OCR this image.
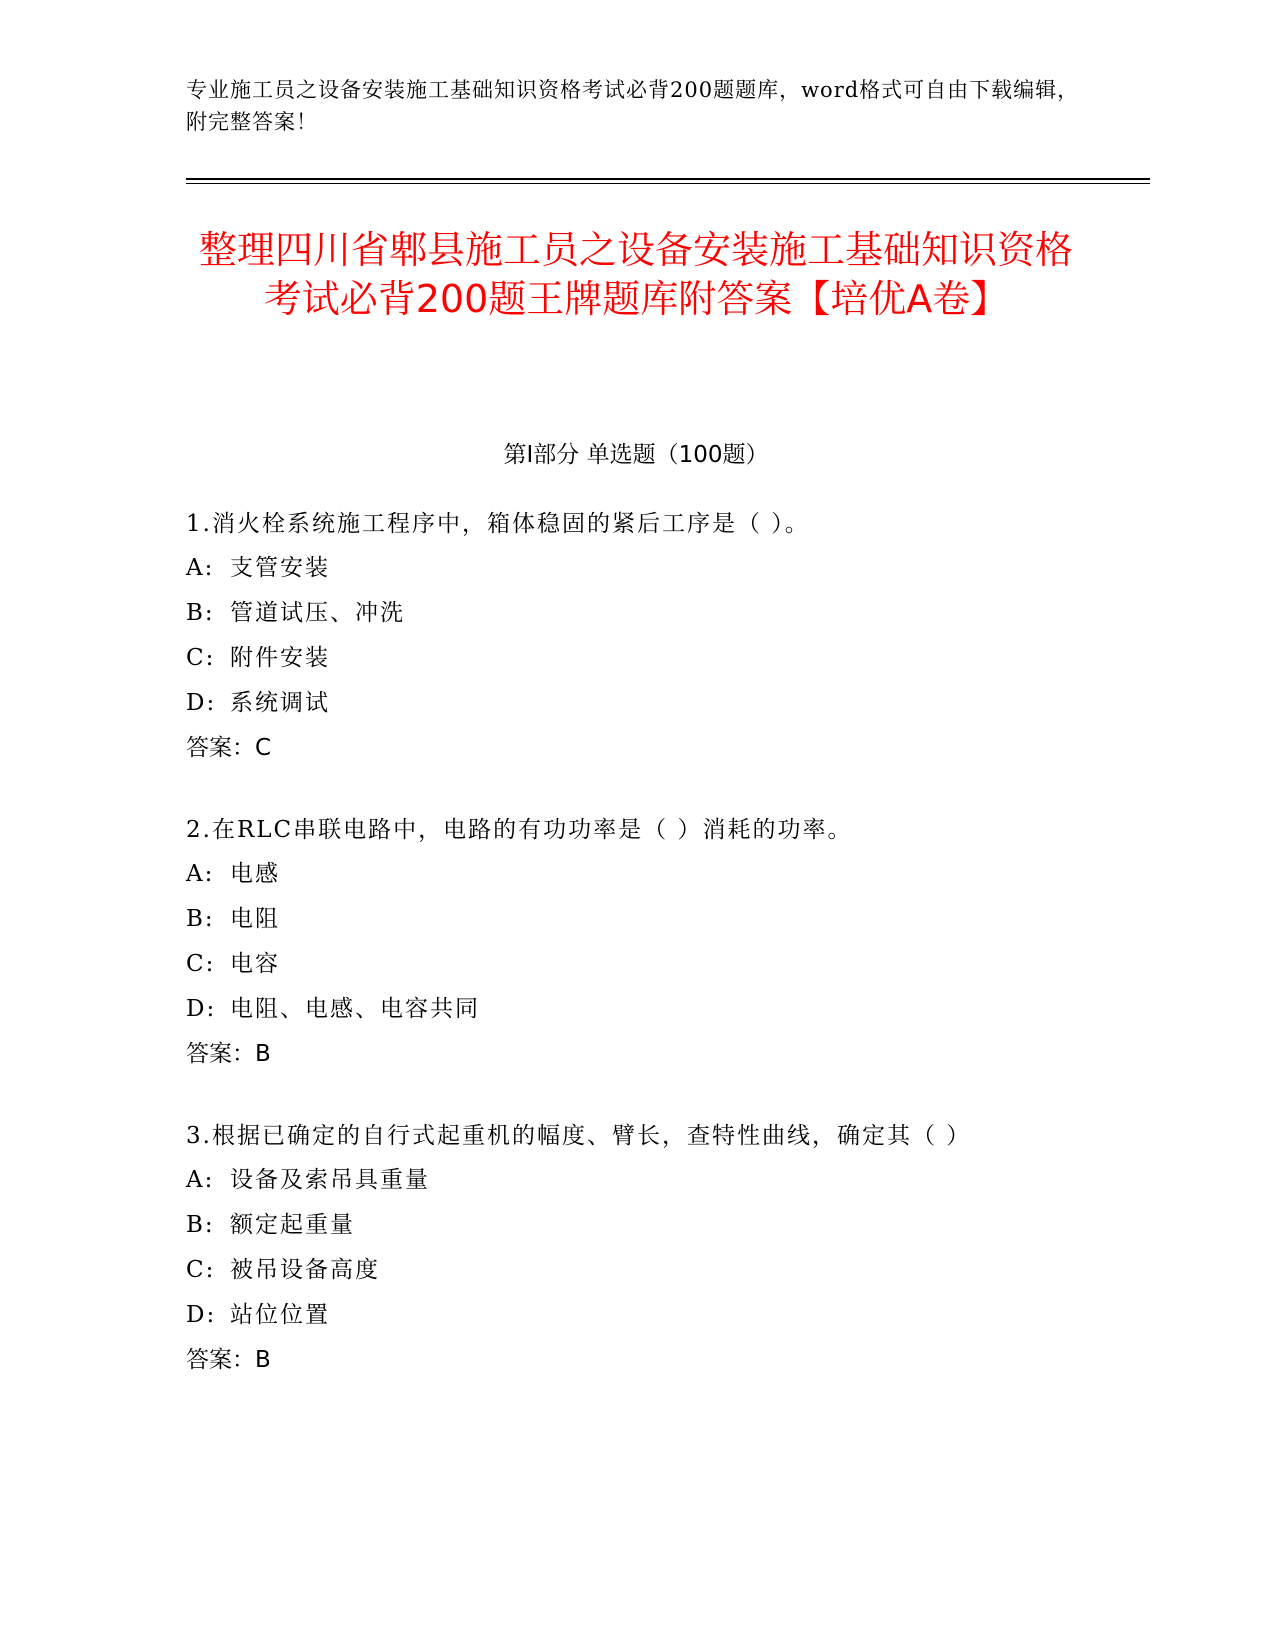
专业施工员之设备安装施工基础知识资格考试必背200题题库，word格式可自由下载编辑，附完整答案！
整理四川省郫县施工员之设备安装施工基础知识资格考试必背200题王牌题库附答案【培优A卷】
第Ⅰ部分 单选题（100题）
1.消火栓系统施工程序中，箱体稳固的紧后工序是（ ）。
A: 支管安装
B: 管道试压、冲洗
C: 附件安装
D: 系统调试
答案：C
2.在RLC串联电路中，电路的有功功率是（ ）消耗的功率。
A: 电感
B: 电阻
C: 电容
D: 电阻、电感、电容共同
答案：B
3.根据已确定的自行式起重机的幅度、臂长，查特性曲线，确定其（ ）
A: 设备及索吊具重量
B: 额定起重量
C: 被吊设备高度
D: 站位位置
答案：B
